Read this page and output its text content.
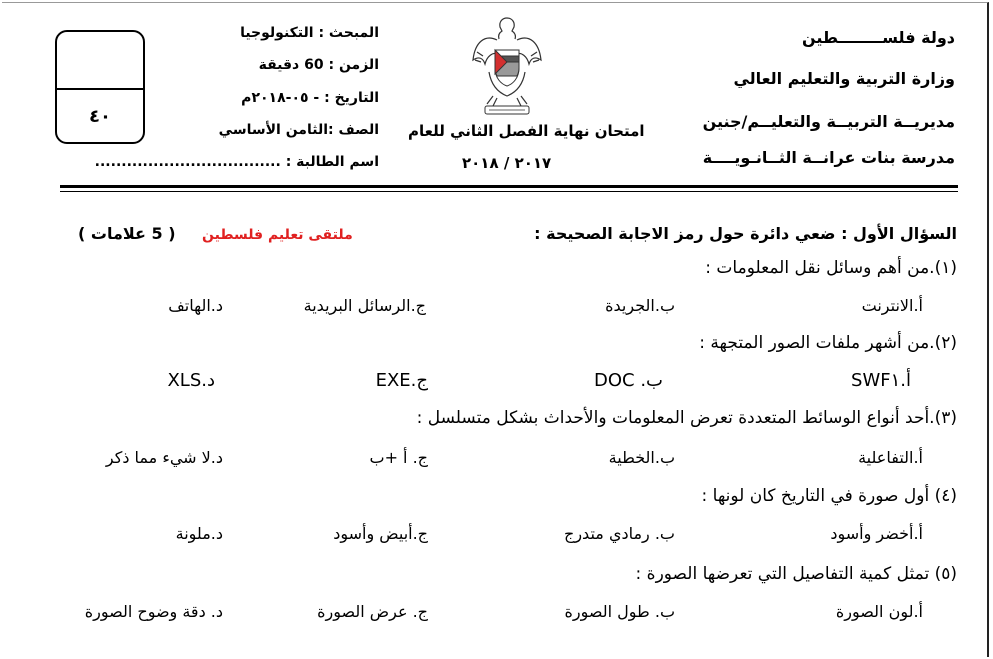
دولة فلســــــــطين
وزارة التربية والتعليم العالي
مديريــة التربيــة والتعليــم/جنين
مدرسة بنات عرانــة الثــانـويــــة
امتحان نهاية الفصل الثاني للعام
٢٠١٧ / ٢٠١٨
المبحث : التكنولوجيا
الزمن : 60 دقيقة
التاريخ : - ٠٥-٢٠١٨م
الصف :الثامن الأساسي
اسم الطالبة : ...................................
٤٠
السؤال الأول : ضعي دائرة حول رمز الاجابة الصحيحة :
ملتقى تعليم فلسطين
( 5 علامات )
(١).من أهم وسائل نقل المعلومات :
أ.الانترنت
ب.الجريدة
ج.الرسائل البريدية
د.الهاتف
(٢).من أشهر ملفات الصور المتجهة :
أ.SWF١
ب. DOC
ج.EXE
د.XLS
(٣).أحد أنواع الوسائط المتعددة تعرض المعلومات والأحداث بشكل متسلسل :
أ.التفاعلية
ب.الخطية
ج. أ +ب
د.لا شيء مما ذكر
(٤) أول صورة في التاريخ كان لونها :
أ.أخضر وأسود
ب. رمادي متدرج
ج.أبيض وأسود
د.ملونة
(٥) تمثل كمية التفاصيل التي تعرضها الصورة :
أ.لون الصورة
ب. طول الصورة
ج. عرض الصورة
د. دقة وضوح الصورة
